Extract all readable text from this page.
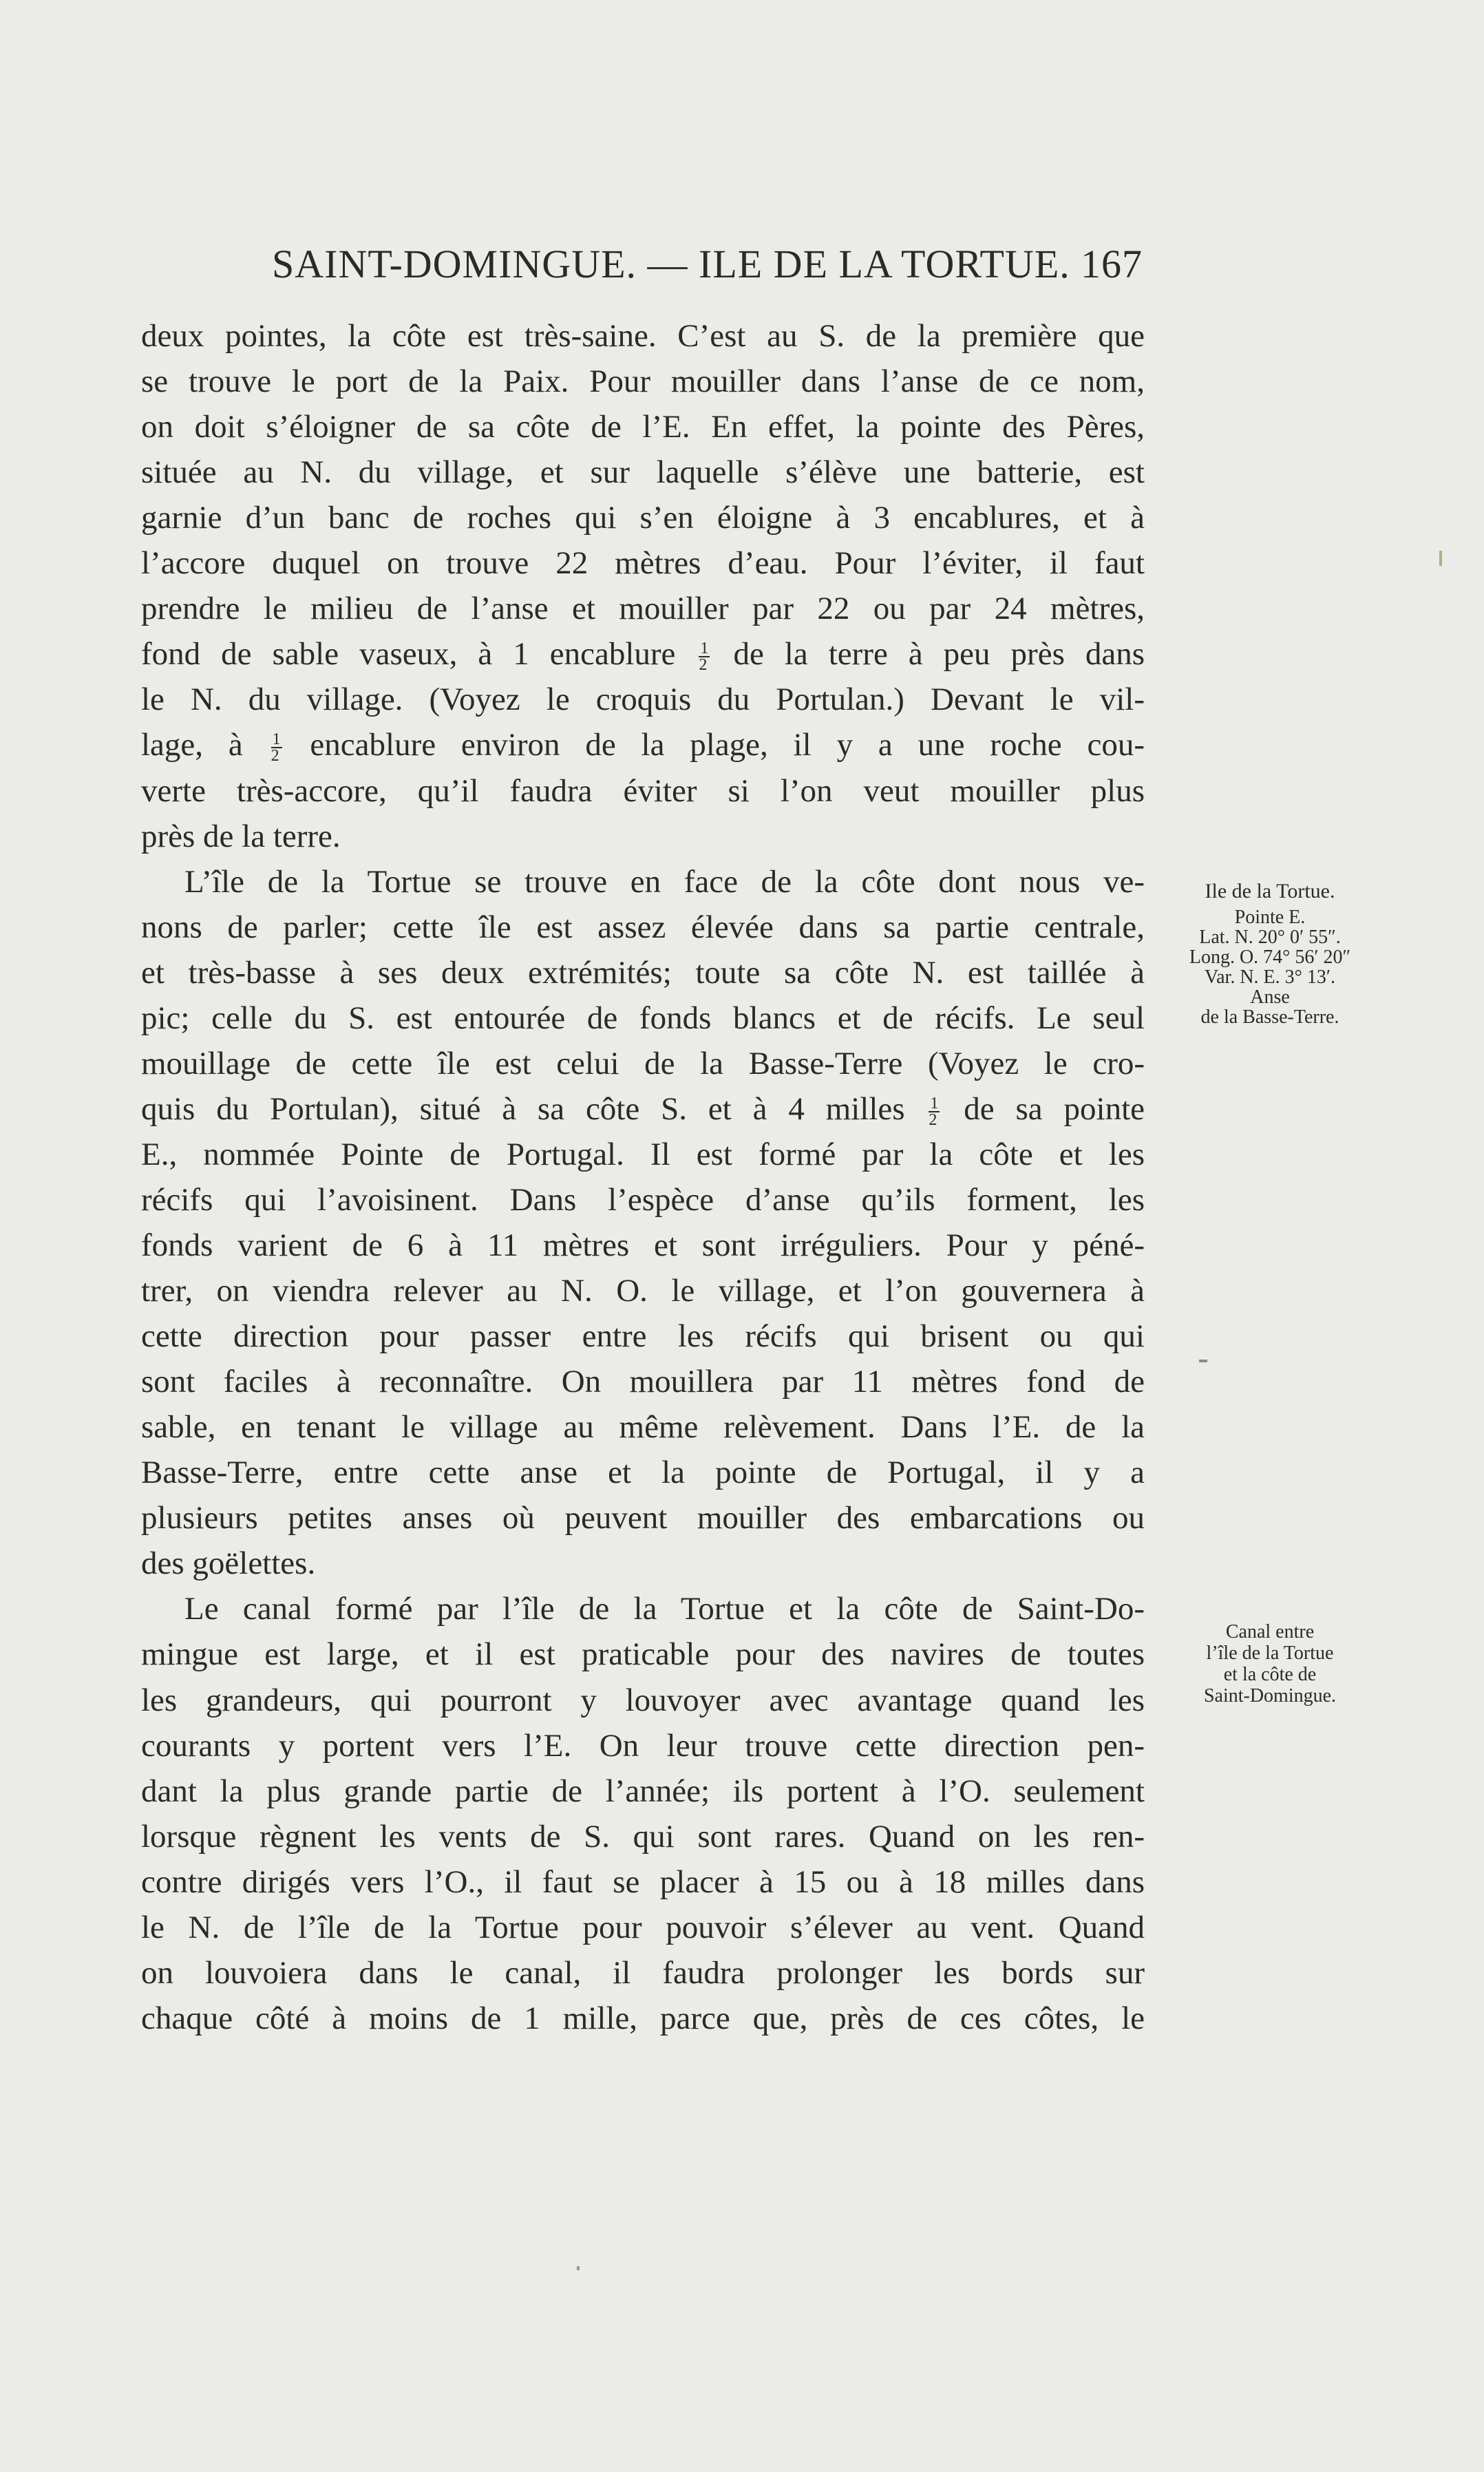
SAINT-DOMINGUE. — ILE DE LA TORTUE. 167
deux pointes, la côte est très-saine. C’est au S. de la première que
se trouve le port de la Paix. Pour mouiller dans l’anse de ce nom,
on doit s’éloigner de sa côte de l’E. En effet, la pointe des Pères,
située au N. du village, et sur laquelle s’élève une batterie, est
garnie d’un banc de roches qui s’en éloigne à 3 encablures, et à
l’accore duquel on trouve 22 mètres d’eau. Pour l’éviter, il faut
prendre le milieu de l’anse et mouiller par 22 ou par 24 mètres,
fond de sable vaseux, à 1 encablure $\frac{1}{2}$ de la terre à peu près dans
le N. du village. (Voyez le croquis du Portulan.) Devant le vil-
lage, à $\frac{1}{2}$ encablure environ de la plage, il y a une roche cou-
verte très-accore, qu’il faudra éviter si l’on veut mouiller plus
près de la terre.
L’île de la Tortue se trouve en face de la côte dont nous ve-
nons de parler; cette île est assez élevée dans sa partie centrale,
et très-basse à ses deux extrémités; toute sa côte N. est taillée à
pic; celle du S. est entourée de fonds blancs et de récifs. Le seul
mouillage de cette île est celui de la Basse-Terre (Voyez le cro-
quis du Portulan), situé à sa côte S. et à 4 milles $\frac{1}{2}$ de sa pointe
E., nommée Pointe de Portugal. Il est formé par la côte et les
récifs qui l’avoisinent. Dans l’espèce d’anse qu’ils forment, les
fonds varient de 6 à 11 mètres et sont irréguliers. Pour y péné-
trer, on viendra relever au N. O. le village, et l’on gouvernera à
cette direction pour passer entre les récifs qui brisent ou qui
sont faciles à reconnaître. On mouillera par 11 mètres fond de
sable, en tenant le village au même relèvement. Dans l’E. de la
Basse-Terre, entre cette anse et la pointe de Portugal, il y a
plusieurs petites anses où peuvent mouiller des embarcations ou
des goëlettes.
Le canal formé par l’île de la Tortue et la côte de Saint-Do-
mingue est large, et il est praticable pour des navires de toutes
les grandeurs, qui pourront y louvoyer avec avantage quand les
courants y portent vers l’E. On leur trouve cette direction pen-
dant la plus grande partie de l’année; ils portent à l’O. seulement
lorsque règnent les vents de S. qui sont rares. Quand on les ren-
contre dirigés vers l’O., il faut se placer à 15 ou à 18 milles dans
le N. de l’île de la Tortue pour pouvoir s’élever au vent. Quand
on louvoiera dans le canal, il faudra prolonger les bords sur
chaque côté à moins de 1 mille, parce que, près de ces côtes, le
Ile de la Tortue.
Pointe E.
Lat. N. 20° 0′ 55″.
Long. O. 74° 56′ 20″
Var. N. E. 3° 13′.
Anse
de la Basse-Terre.
Canal entre
l’île de la Tortue
et la côte de
Saint-Domingue.
